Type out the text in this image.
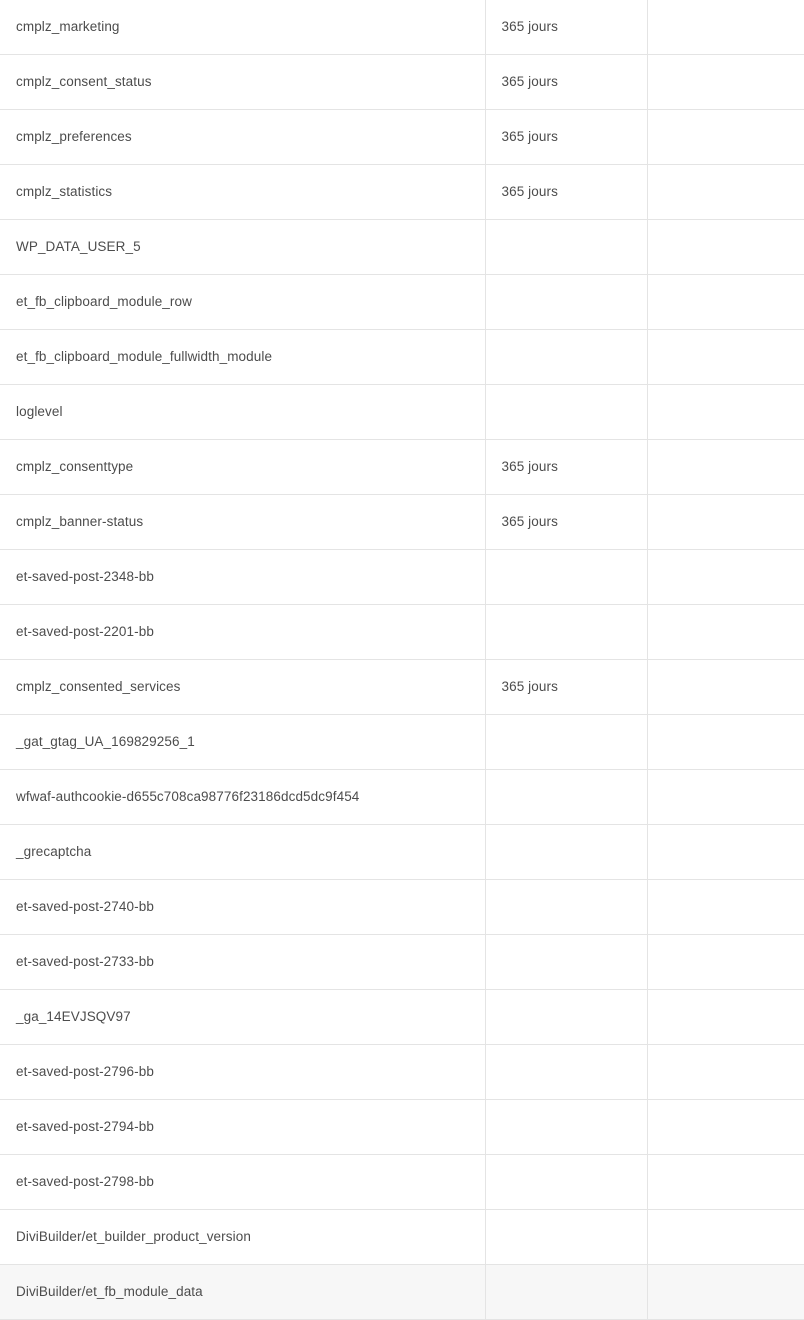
cmplz_marketing	365 jours	
cmplz_consent_status	365 jours	
cmplz_preferences	365 jours	
cmplz_statistics	365 jours	
WP_DATA_USER_5		
et_fb_clipboard_module_row		
et_fb_clipboard_module_fullwidth_module		
loglevel		
cmplz_consenttype	365 jours	
cmplz_banner-status	365 jours	
et-saved-post-2348-bb		
et-saved-post-2201-bb		
cmplz_consented_services	365 jours	
_gat_gtag_UA_169829256_1		
wfwaf-authcookie-d655c708ca98776f23186dcd5dc9f454		
_grecaptcha		
et-saved-post-2740-bb		
et-saved-post-2733-bb		
_ga_14EVJSQV97		
et-saved-post-2796-bb		
et-saved-post-2794-bb		
et-saved-post-2798-bb		
DiviBuilder/et_builder_product_version		
DiviBuilder/et_fb_module_data		
